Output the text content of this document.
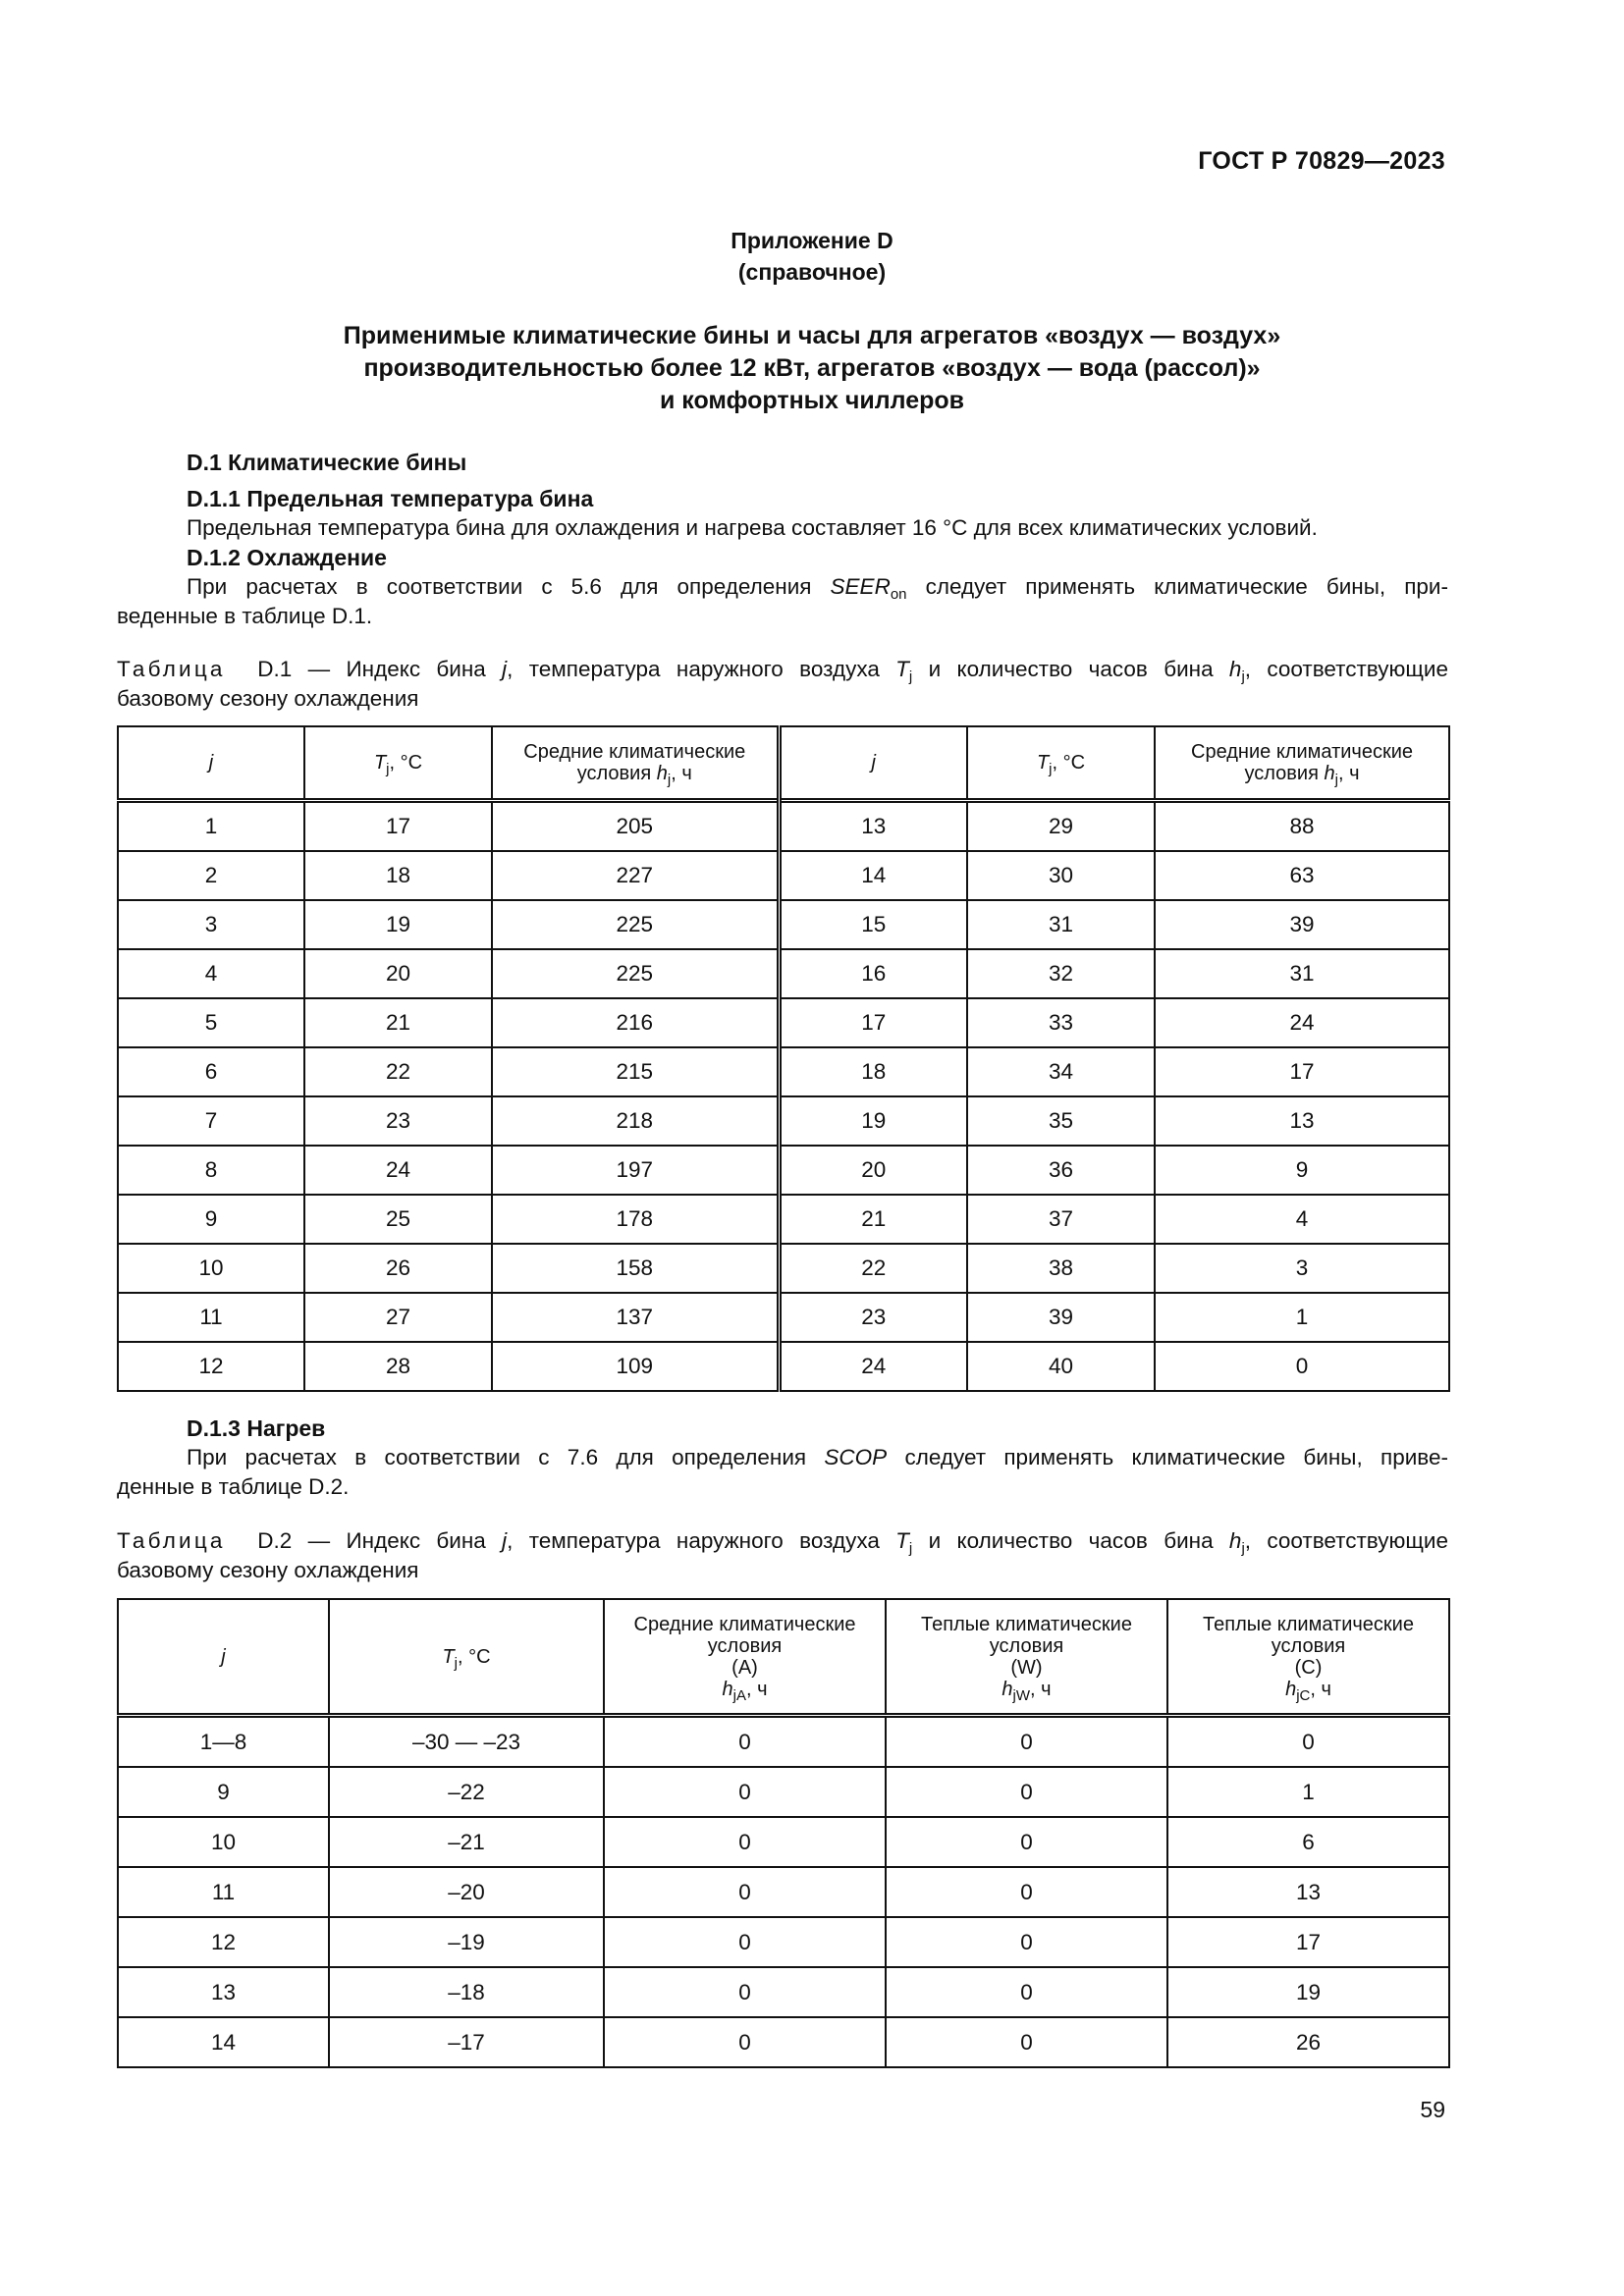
ГОСТ Р 70829—2023
Приложение D
(справочное)
Применимые климатические бины и часы для агрегатов «воздух — воздух»
производительностью более 12 кВт, агрегатов «воздух — вода (рассол)»
и комфортных чиллеров
D.1 Климатические бины
D.1.1 Предельная температура бина
Предельная температура бина для охлаждения и нагрева составляет 16 °С для всех климатических условий.
D.1.2 Охлаждение
При расчетах в соответствии с 5.6 для определения $SEER_{on}$ следует применять климатические бины, при-
веденные в таблице D.1.
Таблица D.1 — Индекс бина j, температура наружного воздуха $T_j$ и количество часов бина $h_j$, соответствующие
базовому сезону охлаждения
j	$T_j$, °С	Средние климатические
условия $h_j$, ч	j	$T_j$, °С	Средние климатические
условия $h_j$, ч
1	17	205	13	29	88
2	18	227	14	30	63
3	19	225	15	31	39
4	20	225	16	32	31
5	21	216	17	33	24
6	22	215	18	34	17
7	23	218	19	35	13
8	24	197	20	36	9
9	25	178	21	37	4
10	26	158	22	38	3
11	27	137	23	39	1
12	28	109	24	40	0
D.1.3 Нагрев
При расчетах в соответствии с 7.6 для определения SCOP следует применять климатические бины, приве-
денные в таблице D.2.
Таблица D.2 — Индекс бина j, температура наружного воздуха $T_j$ и количество часов бина $h_j$, соответствующие
базовому сезону охлаждения
j	$T_j$, °С	Средние климатические
условия
(A)
$h_{jA}$, ч	Теплые климатические
условия
(W)
$h_{jW}$, ч	Теплые климатические
условия
(C)
$h_{jC}$, ч
1—8	–30 — –23	0	0	0
9	–22	0	0	1
10	–21	0	0	6
11	–20	0	0	13
12	–19	0	0	17
13	–18	0	0	19
14	–17	0	0	26
59
